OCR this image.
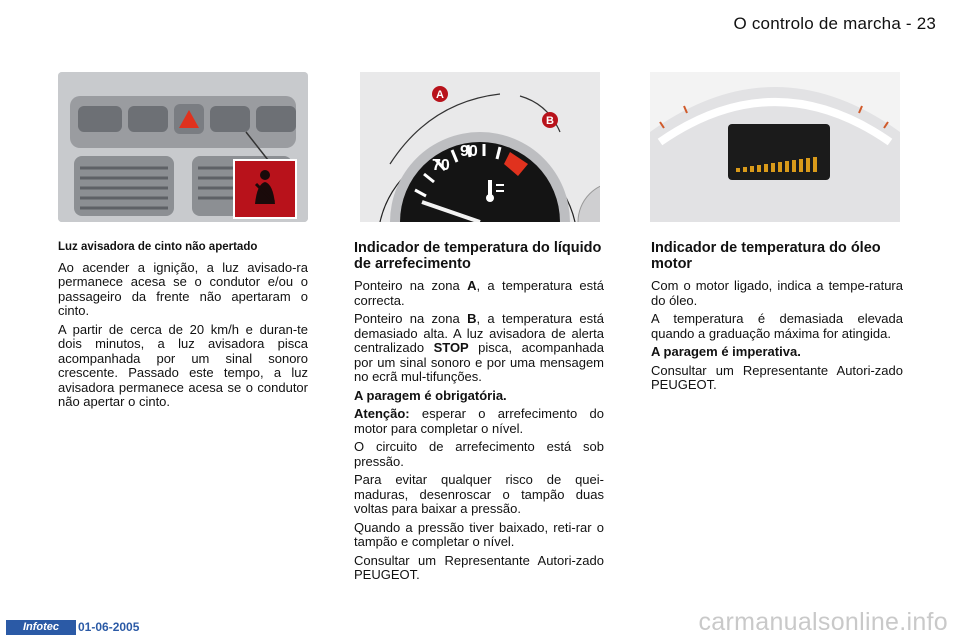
O controlo de marcha - 23
70
90
A
B
Luz avisadora de cinto não apertado

Ao acender a ignição, a luz avisado-ra permanece acesa se o condutor e/ou o passageiro da frente não apertaram o cinto.

A partir de cerca de 20 km/h e duran-te dois minutos, a luz avisadora pisca acompanhada por um sinal sonoro crescente. Passado este tempo, a luz avisadora permanece acesa se o condutor não apertar o cinto.

Indicador de temperatura do líquido de arrefecimento

Ponteiro na zona A, a temperatura está correcta.

Ponteiro na zona B, a temperatura está demasiado alta. A luz avisadora de alerta centralizado STOP pisca, acompanhada por um sinal sonoro e por uma mensagem no ecrã mul-tifunções.

A paragem é obrigatória.

Atenção: esperar o arrefecimento do motor para completar o nível.

O circuito de arrefecimento está sob pressão.

Para evitar qualquer risco de quei-maduras, desenroscar o tampão duas voltas para baixar a pressão.

Quando a pressão tiver baixado, reti-rar o tampão e completar o nível.

Consultar um Representante Autori-zado PEUGEOT.

Indicador de temperatura do óleo motor

Com o motor ligado, indica a tempe-ratura do óleo.

A temperatura é demasiada elevada quando a graduação máxima for atingida.

A paragem é imperativa.

Consultar um Representante Autori-zado PEUGEOT.

Infotec	01-06-2005	carmanualsonline.info
